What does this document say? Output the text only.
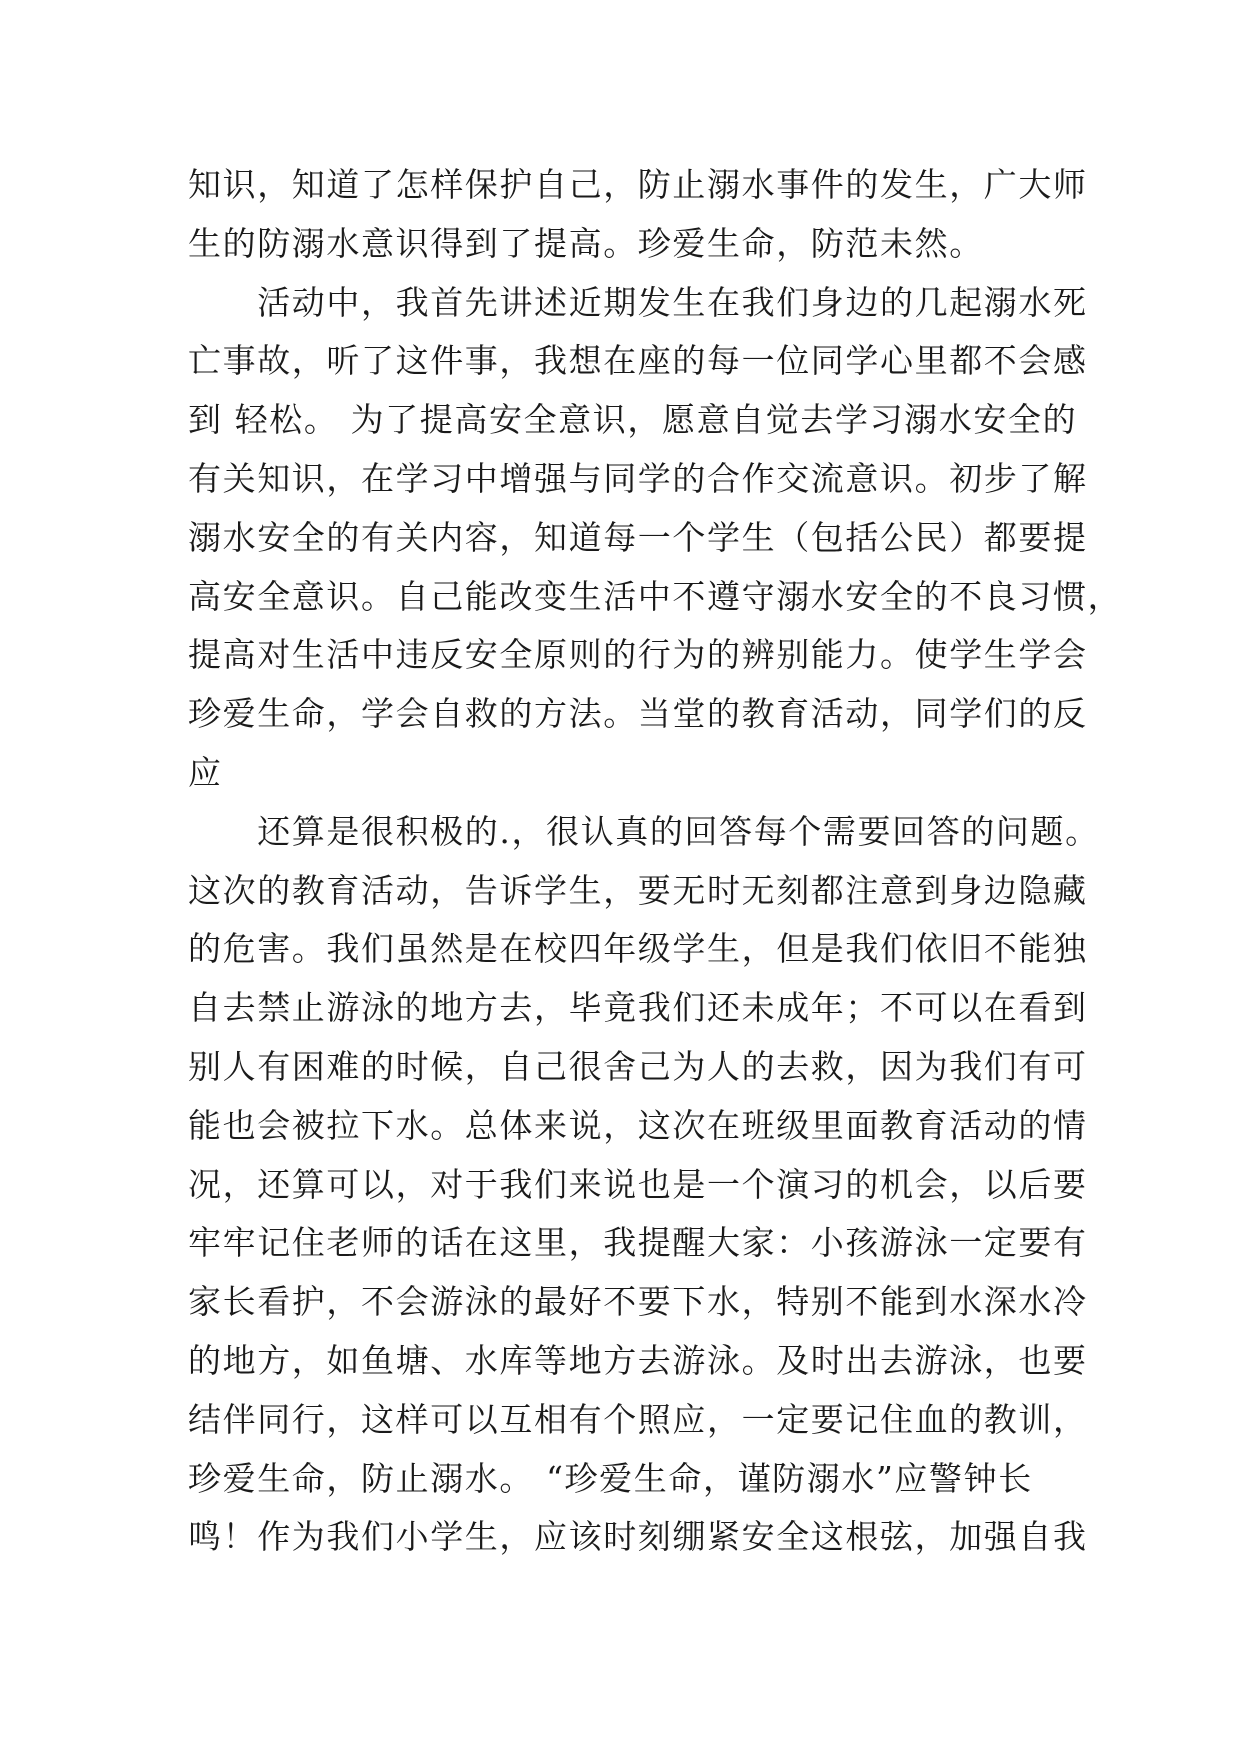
知识，知道了怎样保护自己，防止溺水事件的发生，广大师
生的防溺水意识得到了提高。珍爱生命，防范未然。
　　活动中，我首先讲述近期发生在我们身边的几起溺水死
亡事故，听了这件事，我想在座的每一位同学心里都不会感
到 轻松。 为了提高安全意识，愿意自觉去学习溺水安全的
有关知识，在学习中增强与同学的合作交流意识。初步了解
溺水安全的有关内容，知道每一个学生（包括公民）都要提
高安全意识。自己能改变生活中不遵守溺水安全的不良习惯，
提高对生活中违反安全原则的行为的辨别能力。使学生学会
珍爱生命，学会自救的方法。当堂的教育活动，同学们的反
应
　　还算是很积极的.，很认真的回答每个需要回答的问题。
这次的教育活动，告诉学生，要无时无刻都注意到身边隐藏
的危害。我们虽然是在校四年级学生，但是我们依旧不能独
自去禁止游泳的地方去，毕竟我们还未成年；不可以在看到
别人有困难的时候，自己很舍己为人的去救，因为我们有可
能也会被拉下水。总体来说，这次在班级里面教育活动的情
况，还算可以，对于我们来说也是一个演习的机会，以后要
牢牢记住老师的话在这里，我提醒大家：小孩游泳一定要有
家长看护，不会游泳的最好不要下水，特别不能到水深水冷
的地方，如鱼塘、水库等地方去游泳。及时出去游泳，也要
结伴同行，这样可以互相有个照应，一定要记住血的教训，
珍爱生命，防止溺水。 “珍爱生命，谨防溺水”应警钟长
鸣！作为我们小学生，应该时刻绷紧安全这根弦，加强自我
